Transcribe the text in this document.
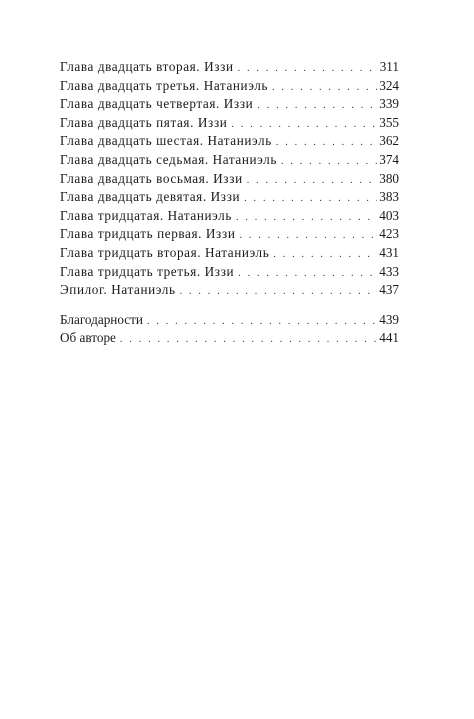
Глава двадцать вторая. Иззи . . .	311
Глава двадцать третья. Натаниэль . . .	324
Глава двадцать четвертая. Иззи . . .	339
Глава двадцать пятая. Иззи . . .	355
Глава двадцать шестая. Натаниэль . . .	362
Глава двадцать седьмая. Натаниэль . . .	374
Глава двадцать восьмая. Иззи . . .	380
Глава двадцать девятая. Иззи . . .	383
Глава тридцатая. Натаниэль . . .	403
Глава тридцать первая. Иззи . . .	423
Глава тридцать вторая. Натаниэль . . .	431
Глава тридцать третья. Иззи . . .	433
Эпилог. Натаниэль . . .	437
Благодарности . . .	439
Об авторе . . .	441
